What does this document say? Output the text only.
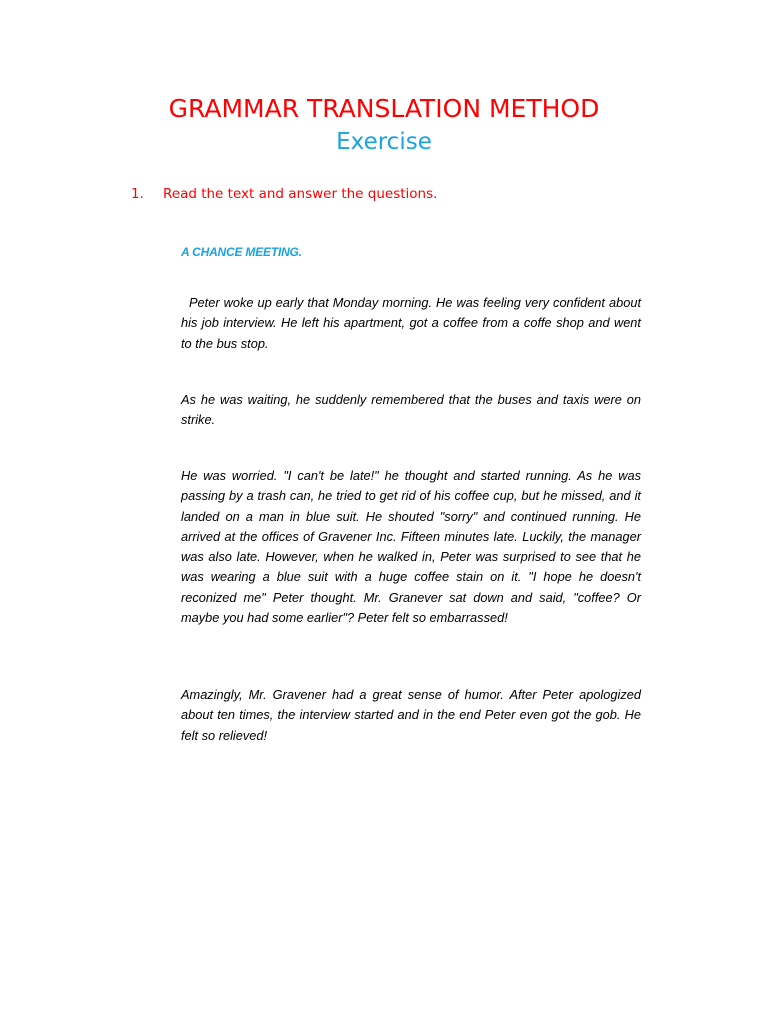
GRAMMAR TRANSLATION METHOD
Exercise
1. Read the text and answer the questions.
A CHANCE MEETING.

Peter woke up early that Monday morning. He was feeling very confident about his job interview. He left his apartment, got a coffee from a coffe shop and went to the bus stop.

As he was waiting, he suddenly remembered that the buses and taxis were on strike.

He was worried. "I can't be late!" he thought and started running. As he was passing by a trash can, he tried to get rid of his coffee cup, but he missed, and it landed on a man in blue suit. He shouted "sorry" and continued running. He arrived at the offices of Gravener Inc. Fifteen minutes late. Luckily, the manager was also late. However, when he walked in, Peter was surprised to see that he was wearing a blue suit with a huge coffee stain on it. "I hope he doesn't reconized me" Peter thought. Mr. Granever sat down and said, "coffee? Or maybe you had some earlier"? Peter felt so embarrassed!

Amazingly, Mr. Gravener had a great sense of humor. After Peter apologized about ten times, the interview started and in the end Peter even got the gob. He felt so relieved!
